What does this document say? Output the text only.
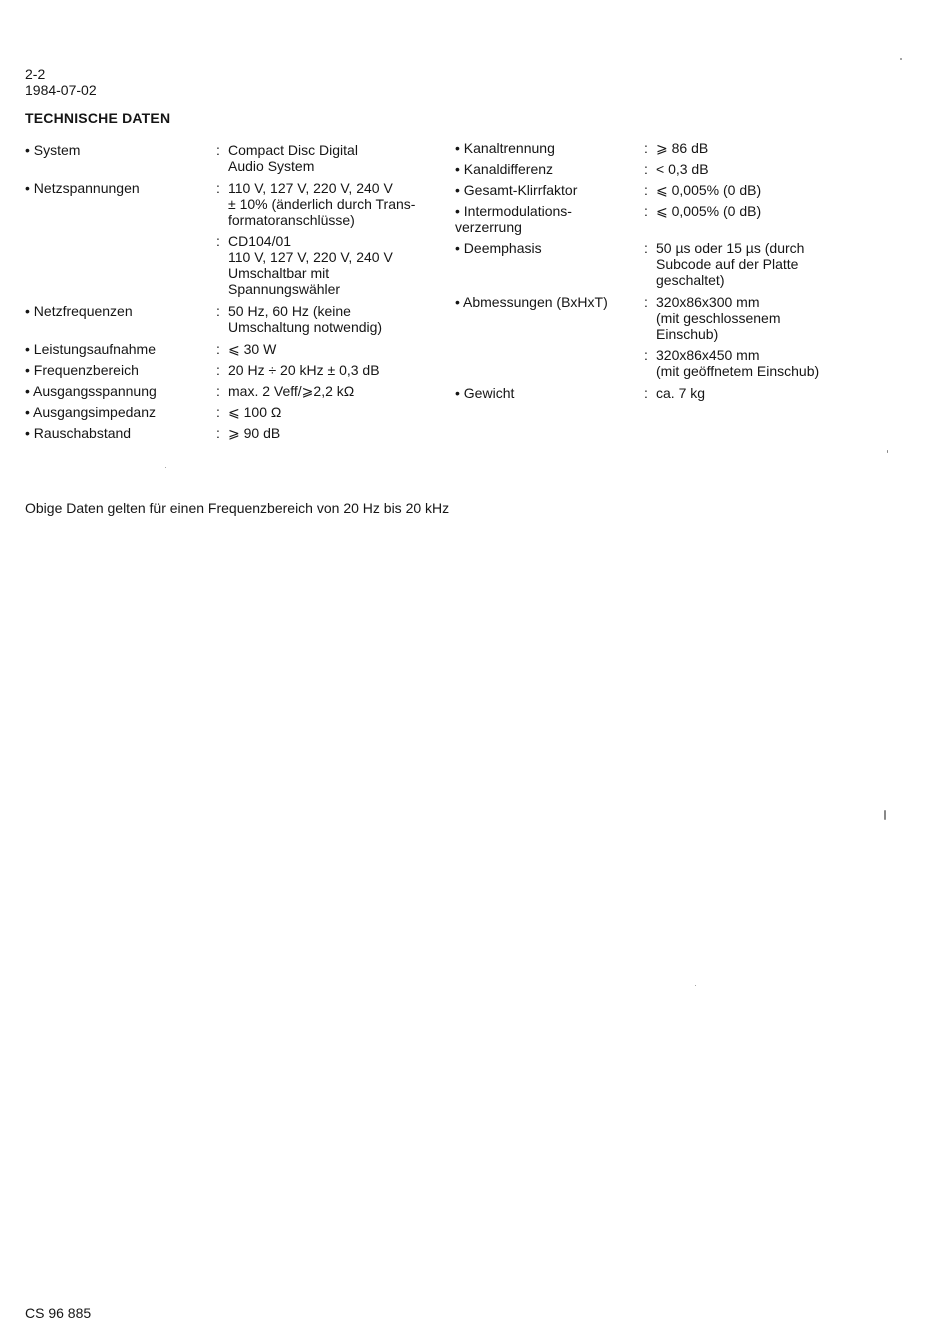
2-2
1984-07-02
TECHNISCHE DATEN
• System	: Compact Disc Digital
Audio System
• Netzspannungen	: 110 V, 127 V, 220 V, 240 V
± 10% (änderlich durch Trans-
formatoranschlüsse)
: CD104/01
110 V, 127 V, 220 V, 240 V
Umschaltbar mit
Spannungswähler
• Netzfrequenzen	: 50 Hz, 60 Hz (keine
Umschaltung notwendig)
• Leistungsaufnahme	: ⩽ 30 W
• Frequenzbereich	: 20 Hz ÷ 20 kHz ± 0,3 dB
• Ausgangsspannung	: max. 2 Veff/⩾2,2 kΩ
• Ausgangsimpedanz	: ⩽ 100 Ω
• Rauschabstand	: ⩾ 90 dB
• Kanaltrennung	: ⩾ 86 dB
• Kanaldifferenz	: < 0,3 dB
• Gesamt-Klirrfaktor	: ⩽ 0,005% (0 dB)
• Intermodulations-
verzerrung
: ⩽ 0,005% (0 dB)
• Deemphasis	: 50 µs oder 15 µs (durch
Subcode auf der Platte
geschaltet)
• Abmessungen (BxHxT)	: 320x86x300 mm
(mit geschlossenem
Einschub)
: 320x86x450 mm
(mit geöffnetem Einschub)
• Gewicht	: ca. 7 kg
Obige Daten gelten für einen Frequenzbereich von 20 Hz bis 20 kHz
CS 96 885
